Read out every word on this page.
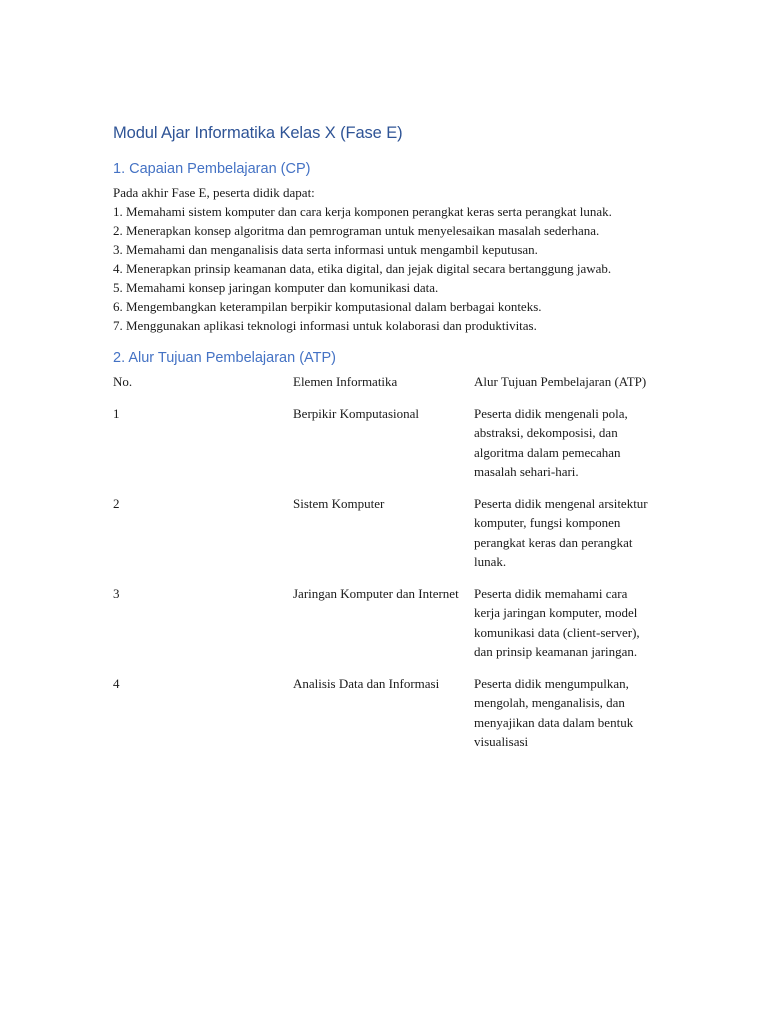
Modul Ajar Informatika Kelas X (Fase E)
1. Capaian Pembelajaran (CP)

Pada akhir Fase E, peserta didik dapat:

1. Memahami sistem komputer dan cara kerja komponen perangkat keras serta perangkat lunak.
2. Menerapkan konsep algoritma dan pemrograman untuk menyelesaikan masalah sederhana.
3. Memahami dan menganalisis data serta informasi untuk mengambil keputusan.
4. Menerapkan prinsip keamanan data, etika digital, dan jejak digital secara bertanggung jawab.
5. Memahami konsep jaringan komputer dan komunikasi data.
6. Mengembangkan keterampilan berpikir komputasional dalam berbagai konteks.
7. Menggunakan aplikasi teknologi informasi untuk kolaborasi dan produktivitas.
2. Alur Tujuan Pembelajaran (ATP)
No.	Elemen Informatika	Alur Tujuan Pembelajaran (ATP)
1	Berpikir Komputasional	Peserta didik mengenali pola, abstraksi, dekomposisi, dan algoritma dalam pemecahan masalah sehari-hari.
2	Sistem Komputer	Peserta didik mengenal arsitektur komputer, fungsi komponen perangkat keras dan perangkat lunak.
3	Jaringan Komputer dan Internet	Peserta didik memahami cara kerja jaringan komputer, model komunikasi data (client-server), dan prinsip keamanan jaringan.
4	Analisis Data dan Informasi	Peserta didik mengumpulkan, mengolah, menganalisis, dan menyajikan data dalam bentuk visualisasi
